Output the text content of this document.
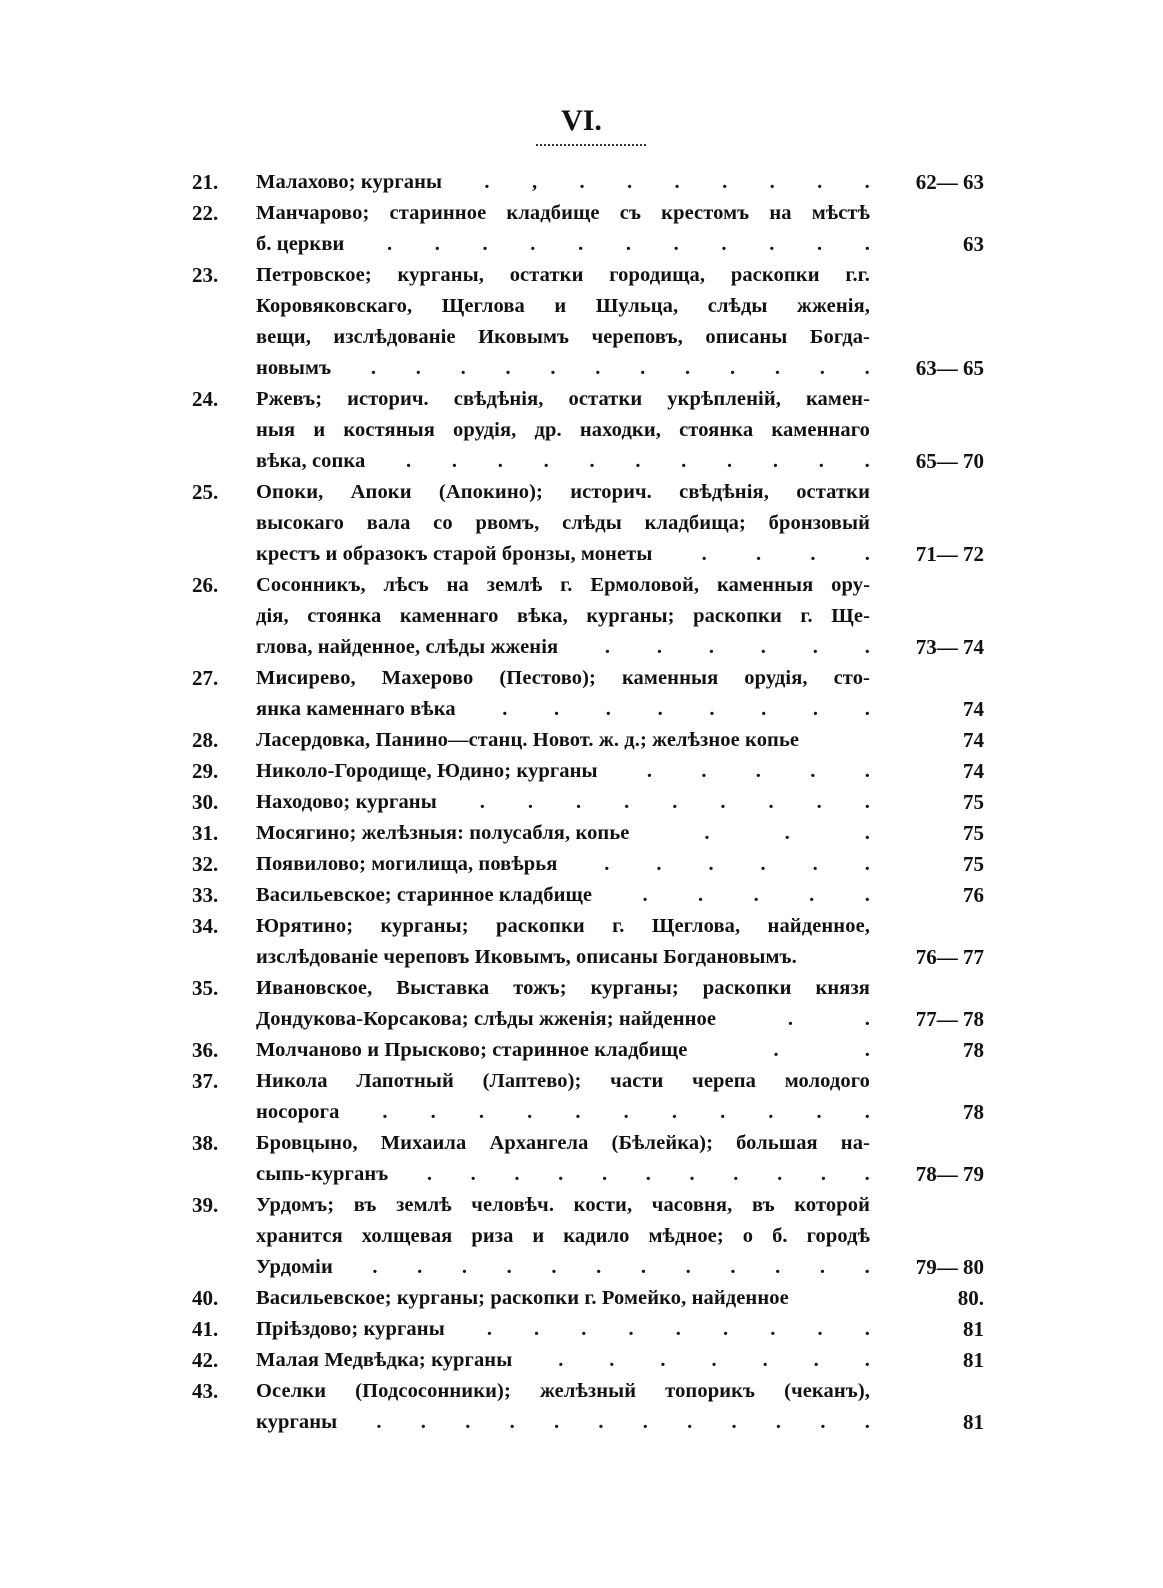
VI.
21.	Малахово; курганы . , . . . . . . .	62— 63
22.	Манчарово; старинное кладбище съ крестомъ на мѣстѣ
б. церкви . . . . . . . . . . .	63
23.	Петровское; курганы, остатки городища, раскопки г.г.
Коровяковскаго, Щеглова и Шульца, слѣды жженія,
вещи, изслѣдованіе Иковымъ череповъ, описаны Богда-
новымъ . . . . . . . . . . . .	63— 65
24.	Ржевъ; историч. свѣдѣнія, остатки укрѣпленій, камен-
ныя и костяныя орудія, др. находки, стоянка каменнаго
вѣка, сопка . . . . . . . . . . .	65— 70
25.	Опоки, Апоки (Апокино); историч. свѣдѣнія, остатки
высокаго вала со рвомъ, слѣды кладбища; бронзовый
крестъ и образокъ старой бронзы, монеты . . . .	71— 72
26.	Сосонникъ, лѣсъ на землѣ г. Ермоловой, каменныя ору-
дія, стоянка каменнаго вѣка, курганы; раскопки г. Ще-
глова, найденное, слѣды жженія . . . . . .	73— 74
27.	Мисирево, Махерово (Пестово); каменныя орудія, сто-
янка каменнаго вѣка . . . . . . . .	74
28.	Ласердовка, Панино—станц. Новот. ж. д.; желѣзное копье	74
29.	Николо-Городище, Юдино; курганы . . . . .	74
30.	Находово; курганы . . . . . . . . .	75
31.	Мосягино; желѣзныя: полусабля, копье	.	.	.	75
32.	Появилово; могилища, повѣрья . . . . . .	75
33.	Васильевское; старинное кладбище . . . . .	76
34.	Юрятино; курганы; раскопки г. Щеглова, найденное,
изслѣдованіе череповъ Иковымъ, описаны Богдановымъ.	76— 77
35.	Ивановское, Выставка тожъ; курганы; раскопки князя
Дондукова-Корсакова; слѣды жженія; найденное	.	.	77— 78
36.	Молчаново и Прысково; старинное кладбище	.	.	78
37.	Никола Лапотный (Лаптево); части черепа молодого
носорога . . . . . . . . . . .	78
38.	Бровцыно, Михаила Архангела (Бѣлейка); большая на-
сыпь-курганъ . . . . . . . . . . .	78— 79
39.	Урдомъ; въ землѣ человѣч. кости, часовня, въ которой
хранится холщевая риза и кадило мѣдное; о б. городѣ
Урдоміи . . . . . . . . . . . .	79— 80
40.	Васильевское; курганы; раскопки г. Ромейко, найденное	80.
41.	Пріѣздово; курганы . . . . . . . . .	81
42.	Малая Медвѣдка; курганы . . . . . . .	81
43.	Оселки (Подсосонники); желѣзный топорикъ (чеканъ),
курганы . . . . . . . . . . . .	81
